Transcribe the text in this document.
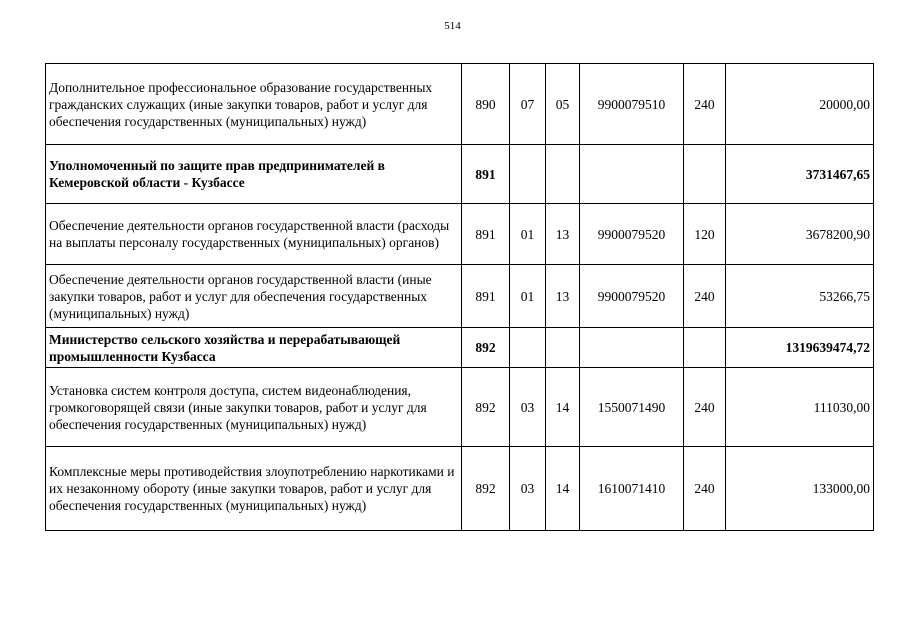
514
Дополнительное профессиональное образование государственных гражданских служащих (иные закупки товаров, работ и услуг для обеспечения государственных (муниципальных) нужд)	890	07	05	9900079510	240	20000,00
Уполномоченный по защите прав предпринимателей в Кемеровской области - Кузбассе	891					3731467,65
Обеспечение деятельности органов государственной власти (расходы на выплаты персоналу государственных (муниципальных) органов)	891	01	13	9900079520	120	3678200,90
Обеспечение деятельности органов государственной власти (иные закупки товаров, работ и услуг для обеспечения государственных (муниципальных) нужд)	891	01	13	9900079520	240	53266,75
Министерство сельского хозяйства и перерабатывающей промышленности Кузбасса	892					1319639474,72
Установка систем контроля доступа, систем видеонаблюдения, громкоговорящей связи (иные закупки товаров, работ и услуг для обеспечения государственных (муниципальных) нужд)	892	03	14	1550071490	240	111030,00
Комплексные меры противодействия злоупотреблению наркотиками и их незаконному обороту (иные закупки товаров, работ и услуг для обеспечения государственных (муниципальных) нужд)	892	03	14	1610071410	240	133000,00
